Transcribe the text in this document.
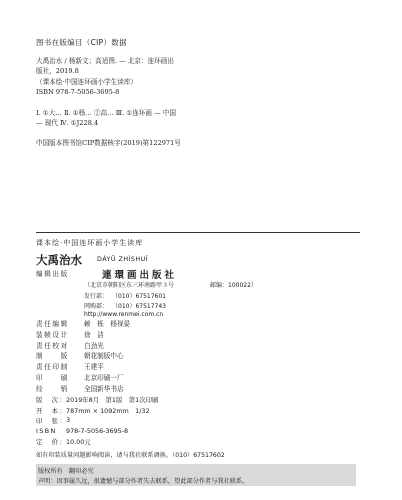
图书在版编目（CIP）数据
大禹治水 / 杨新文；高适图. — 北京：连环画出
版社，2019.8
（课本绘·中国连环画小学生读库）
ISBN 978-7-5056-3695-8
Ⅰ. ①大… Ⅱ. ①杨… ②高… Ⅲ. ①连环画 — 中国
— 现代 Ⅳ. ①J228.4
中国版本图书馆CIP数据核字(2019)第122971号
课本绘·中国连环画小学生读库
大禹治水 DÀYǓ ZHÌSHUǏ
编辑出版	連環画出版社
（北京市朝阳区东三环南路甲３号	邮编：100022）
发行部： （010）67517601
网购部： （010）67517743
http://www.renmei.com.cn
责任编辑 赖　栎　杨视晏
装帧设计 徐　洁
责任校对 白劲光
制　　版 朝花制版中心
责任印制 王建平
印　　刷 北京印刷一厂
经　　销 全国新华书店
版　次：
2019年8月　第1版　第1次印刷
开　本：
787mm × 1092mm　1/32
印　张：
3
ISBN 978-7-5056-3695-8
定　价：
10.00元
如有印装质量问题影响阅读，请与我社联系调换。（010）67517602
版权所有　翻印必究
声明：因事属久远，很遗憾与部分作者失去联系，望此部分作者与我社联系。
